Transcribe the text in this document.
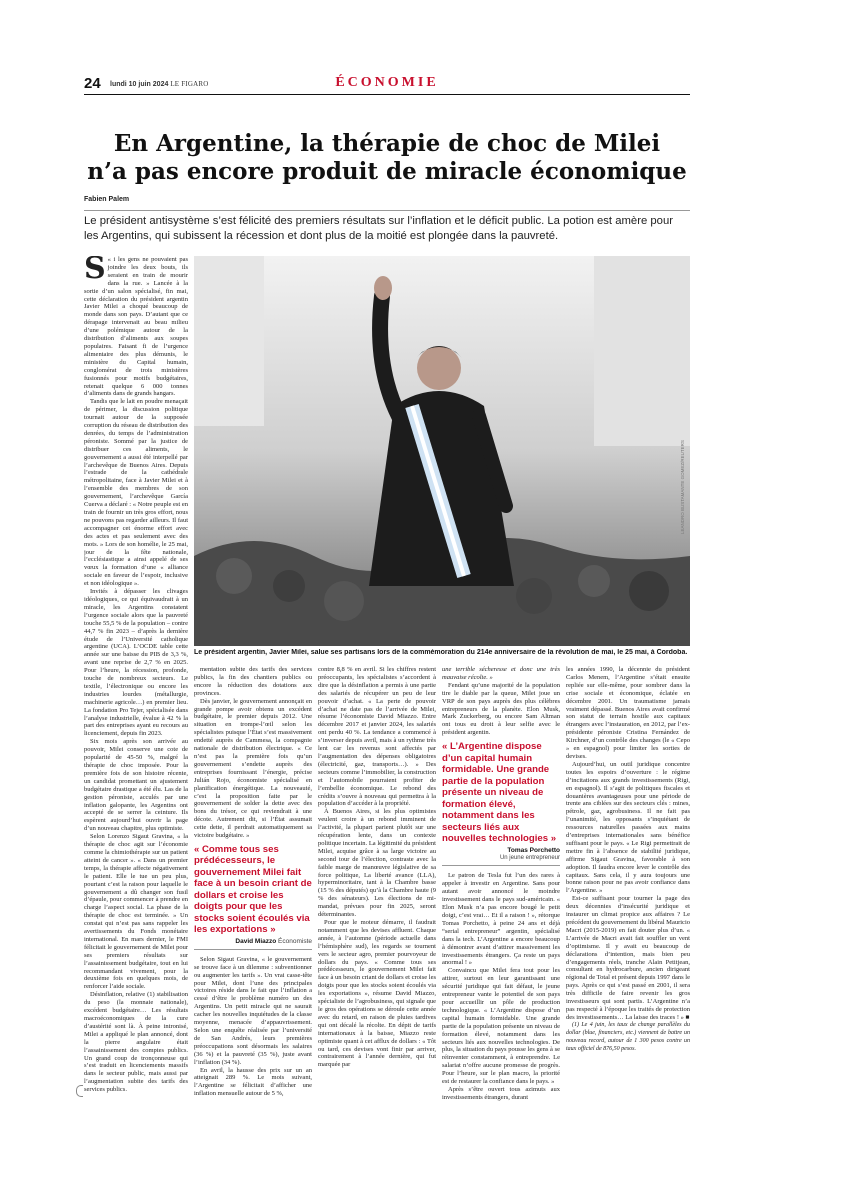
24 lundi 10 juin 2024 LE FIGARO	ÉCONOMIE
En Argentine, la thérapie de choc de Milei
n’a pas encore produit de miracle économique
Fabien Palem
Le président antisystème s’est félicité des premiers résultats sur l’inflation et le déficit public. La potion est amère pour les Argentins, qui subissent la récession et dont plus de la moitié est plongée dans la pauvreté.

S « i les gens ne pouvaient pas joindre les deux bouts, ils seraient en train de mourir dans la rue. » Lancée à la sortie d’un salon spécialisé, fin mai, cette déclaration du président argentin Javier Milei a choqué beaucoup de monde dans son pays. D’autant que ce dérapage intervenait au beau milieu d’une polémique autour de la distribution d’aliments aux soupes populaires. Faisant fi de l’urgence alimentaire des plus démunis, le ministère du Capital humain, conglomérat de trois ministères fusionnés pour motifs budgétaires, retenait quelque 6 000 tonnes d’aliments dans de grands hangars.

Tandis que le lait en poudre menaçait de périmer, la discussion politique tournait autour de la supposée corruption du réseau de distribution des denrées, du temps de l’administration péroniste. Sommé par la justice de distribuer ces aliments, le gouvernement a aussi été interpellé par l’archevêque de Buenos Aires. Depuis l’estrade de la cathédrale métropolitaine, face à Javier Milei et à l’ensemble des membres de son gouvernement, l’archevêque García Cuerva a déclaré : « Notre peuple est en train de fournir un très gros effort, nous ne pouvons pas regarder ailleurs. Il faut accompagner cet énorme effort avec des actes et pas seulement avec des mots. » Lors de son homélie, le 25 mai, jour de la fête nationale, l’ecclésiastique a ainsi appelé de ses vœux la formation d’une « alliance sociale en faveur de l’espoir, inclusive et non idéologique ».

Invités à dépasser les clivages idéologiques, ce qui équivaudrait à un miracle, les Argentins constatent l’urgence sociale alors que la pauvreté touche 55,5 % de la population – contre 44,7 % fin 2023 – d’après la dernière étude de l’Université catholique argentine (UCA). L’OCDE table cette année sur une baisse du PIB de 3,3 %, avant une reprise de 2,7 % en 2025. Pour l’heure, la récession, profonde, touche de nombreux secteurs. Le textile, l’électronique ou encore les industries lourdes (métallurgie, machinerie agricole…) en premier lieu. La fondation Pro Tejer, spécialisée dans l’analyse industrielle, évalue à 42 % la part des entreprises ayant eu recours au licenciement, depuis fin 2023.

Six mois après son arrivée au pouvoir, Milei conserve une cote de popularité de 45-50 %, malgré la thérapie de choc imposée. Pour la première fois de son histoire récente, un candidat promettant un ajustement budgétaire drastique a été élu. Las de la gestion péroniste, acculés par une inflation galopante, les Argentins ont accepté de se serrer la ceinture. Ils espèrent aujourd’hui ouvrir la page d’un nouveau chapitre, plus optimiste.

Selon Lorenzo Sigaut Gravina, « la thérapie de choc agit sur l’économie comme la chimiothérapie sur un patient atteint de cancer ». « Dans un premier temps, la thérapie affecte négativement le patient. Elle le tue un peu plus, pourtant c’est la raison pour laquelle le gouvernement a dû changer son fusil d’épaule, pour commencer à prendre en charge l’aspect social. La phase de la thérapie de choc est terminée. » Un constat qui n’est pas sans rappeler les avertissements du Fonds monétaire international. En mars dernier, le FMI félicitait le gouvernement de Milei pour ses premiers résultats sur l’assainissement budgétaire, tout en lui recommandant vivement, pour la deuxième fois en quelques mois, de renforcer l’aide sociale.

Désinflation, relative (1) stabilisation du peso (la monnaie nationale), excédent budgétaire… Les résultats macroéconomiques de la cure d’austérité sont là. À peine intronisé, Milei a appliqué le plan annoncé, dont la pierre angulaire était l’assainissement des comptes publics. Un grand coup de tronçonneuse qui s’est traduit en licenciements massifs dans le secteur public, mais aussi par l’augmentation subite des tarifs des services publics.

LEANDRO BUSTAMANTE GOMEZ/REUTERS
Le président argentin, Javier Milei, salue ses partisans lors de la commémoration du 214e anniversaire de la révolution de mai, le 25 mai, à Cordoba.

mentation subite des tarifs des services publics, la fin des chantiers publics ou encore la réduction des dotations aux provinces.

Dès janvier, le gouvernement annonçait en grande pompe avoir obtenu un excédent budgétaire, le premier depuis 2012. Une situation en trompe-l’œil selon les spécialistes puisque l’État s’est massivement endetté auprès de Cammesa, la compagnie nationale de distribution électrique. « Ce n’est pas la première fois qu’un gouvernement s’endette auprès des entreprises fournissant l’énergie, précise Julián Rojo, économiste spécialisé en planification énergétique. La nouveauté, c’est la proposition faite par le gouvernement de solder la dette avec des bons du trésor, ce qui reviendrait à une décote. Autrement dit, si l’État assumait cette dette, il perdrait automatiquement sa victoire budgétaire. »

« Comme tous ses prédécesseurs, le gouvernement Milei fait face à un besoin criant de dollars et croise les doigts pour que les stocks soient écoulés via les exportations »
David Miazzo Économiste

Selon Sigaut Gravina, « le gouvernement se trouve face à un dilemme : subventionner ou augmenter les tarifs ». Un vrai casse-tête pour Milei, dont l’une des principales victoires réside dans le fait que l’inflation a cessé d’être le problème numéro un des Argentins. Un petit miracle qui ne saurait cacher les nouvelles inquiétudes de la classe moyenne, menacée d’appauvrissement. Selon une enquête réalisée par l’université de San Andrés, leurs premières préoccupations sont désormais les salaires (36 %) et la pauvreté (35 %), juste avant l’inflation (34 %).

En avril, la hausse des prix sur un an atteignait 289 %. Le mois suivant, l’Argentine se félicitait d’afficher une inflation mensuelle autour de 5 %,

contre 8,8 % en avril. Si les chiffres restent préoccupants, les spécialistes s’accordent à dire que la désinflation a permis à une partie des salariés de récupérer un peu de leur pouvoir d’achat. « La perte de pouvoir d’achat ne date pas de l’arrivée de Milei, résume l’économiste David Miazzo. Entre décembre 2017 et janvier 2024, les salariés ont perdu 40 %. La tendance a commencé à s’inverser depuis avril, mais à un rythme très lent car les revenus sont affectés par l’augmentation des dépenses obligatoires (électricité, gaz, transports…). » Des secteurs comme l’immobilier, la construction et l’automobile pourraient profiter de l’embellie économique. Le rebond des crédits s’ouvre à nouveau qui permettra à la population d’accéder à la propriété.

À Buenos Aires, si les plus optimistes veulent croire à un rebond imminent de l’activité, la plupart parient plutôt sur une récupération lente, dans un contexte politique incertain. La légitimité du président Milei, acquise grâce à sa large victoire au second tour de l’élection, contraste avec la faible marge de manœuvre législative de sa force politique, La liberté avance (LLA), hyperminoritaire, tant à la Chambre basse (15 % des députés) qu’à la Chambre haute (9 % des sénateurs). Les élections de mi-mandat, prévues pour fin 2025, seront déterminantes.

Pour que le moteur démarre, il faudrait notamment que les devises affluent. Chaque année, à l’automne (période actuelle dans l’hémisphère sud), les regards se tournent vers le secteur agro, premier pourvoyeur de dollars du pays. « Comme tous ses prédécesseurs, le gouvernement Milei fait face à un besoin criant de dollars et croise les doigts pour que les stocks soient écoulés via les exportations », résume David Miazzo, spécialiste de l’agrobusiness, qui signale que le gros des opérations se déroule cette année avec du retard, en raison de pluies tardives qui ont décalé la récolte. En dépit de tarifs internationaux à la baisse, Miazzo reste optimiste quant à cet afflux de dollars : « Tôt ou tard, ces devises vont finir par arriver, contrairement à l’année dernière, qui fut marquée par

une terrible sécheresse et donc une très mauvaise récolte. »

Fendant qu’une majorité de la population tire le diable par la queue, Milei joue un VRP de son pays auprès des plus célèbres entrepreneurs de la planète. Elon Musk, Mark Zuckerberg, ou encore Sam Altman ont tous eu droit à leur selfie avec le président argentin.

« L’Argentine dispose d’un capital humain formidable. Une grande partie de la population présente un niveau de formation élevé, notamment dans les secteurs liés aux nouvelles technologies »
Tomas Porchetto
Un jeune entrepreneur

Le patron de Tesla fut l’un des rares à appeler à investir en Argentine. Sans pour autant avoir annoncé le moindre investissement dans le pays sud-américain. « Elon Musk n’a pas encore bougé le petit doigt, c’est vrai… Et il a raison ! », rétorque Tomas Porchetto, à peine 24 ans et déjà “serial entrepreneur” argentin, spécialisé dans la tech. L’Argentine a encore beaucoup à démontrer avant d’attirer massivement les investissements étrangers. Ça reste un pays anormal ! »

Convaincu que Milei fera tout pour les attirer, surtout en leur garantissant une sécurité juridique qui fait défaut, le jeune entrepreneur vante le potentiel de son pays pour accueillir un pôle de production technologique. « L’Argentine dispose d’un capital humain formidable. Une grande partie de la population présente un niveau de formation élevé, notamment dans les secteurs liés aux nouvelles technologies. De plus, la situation du pays pousse les gens à se réinventer constamment, à entreprendre. Le salariat n’offre aucune promesse de progrès. Pour l’heure, sur le plan macro, la priorité est de restaurer la confiance dans le pays. »

Après s’être ouvert tous azimuts aux investissements étrangers, durant

les années 1990, la décennie du président Carlos Menem, l’Argentine s’était ensuite repliée sur elle-même, pour sombrer dans la crise sociale et économique, éclatée en décembre 2001. Un traumatisme jamais vraiment dépassé. Buenos Aires avait confirmé son statut de terrain hostile aux capitaux étrangers avec l’instauration, en 2012, par l’ex-présidente péroniste Cristina Fernández de Kirchner, d’un contrôle des changes (le « Cepo » en espagnol) pour limiter les sorties de devises.

Aujourd’hui, un outil juridique concentre toutes les espoirs d’ouverture : le régime d’incitations aux grands investissements (Rigi, en espagnol). Il s’agit de politiques fiscales et douanières avantageuses pour une période de trente ans ciblées sur des secteurs clés : mines, pétrole, gaz, agrobusiness. Il ne fait pas l’unanimité, les opposants s’inquiétant de ressources naturelles passées aux mains d’entreprises internationales sans bénéfice suffisant pour le pays. « Le Rigi permettrait de mettre fin à l’absence de stabilité juridique, affirme Sigaut Gravina, favorable à son adoption. Il faudra encore lever le contrôle des capitaux. Sans cela, il y aura toujours une bonne raison pour ne pas avoir confiance dans l’Argentine. »

Est-ce suffisant pour tourner la page des deux décennies d’insécurité juridique et instaurer un climat propice aux affaires ? Le précédent du gouvernement du libéral Mauricio Macri (2015-2019) en fait douter plus d’un. « L’arrivée de Macri avait fait souffler un vent d’optimisme. Il y avait eu beaucoup de déclarations d’intention, mais bien peu d’engagements réels, tranche Alain Petitjean, consultant en hydrocarbure, ancien dirigeant régional de Total et présent depuis 1997 dans le pays. Après ce qui s’est passé en 2001, il sera très difficile de faire revenir les gros investisseurs qui sont partis. L’Argentine n’a pas respecté à l’époque les traités de protection des investissements… La laisse des traces ! » ■

(1) Le 4 juin, les taux de change parallèles du dollar (blue, financiers, etc.) viennent de battre un nouveau record, autour de 1 300 pesos contre un taux officiel de 876,50 pesos.
